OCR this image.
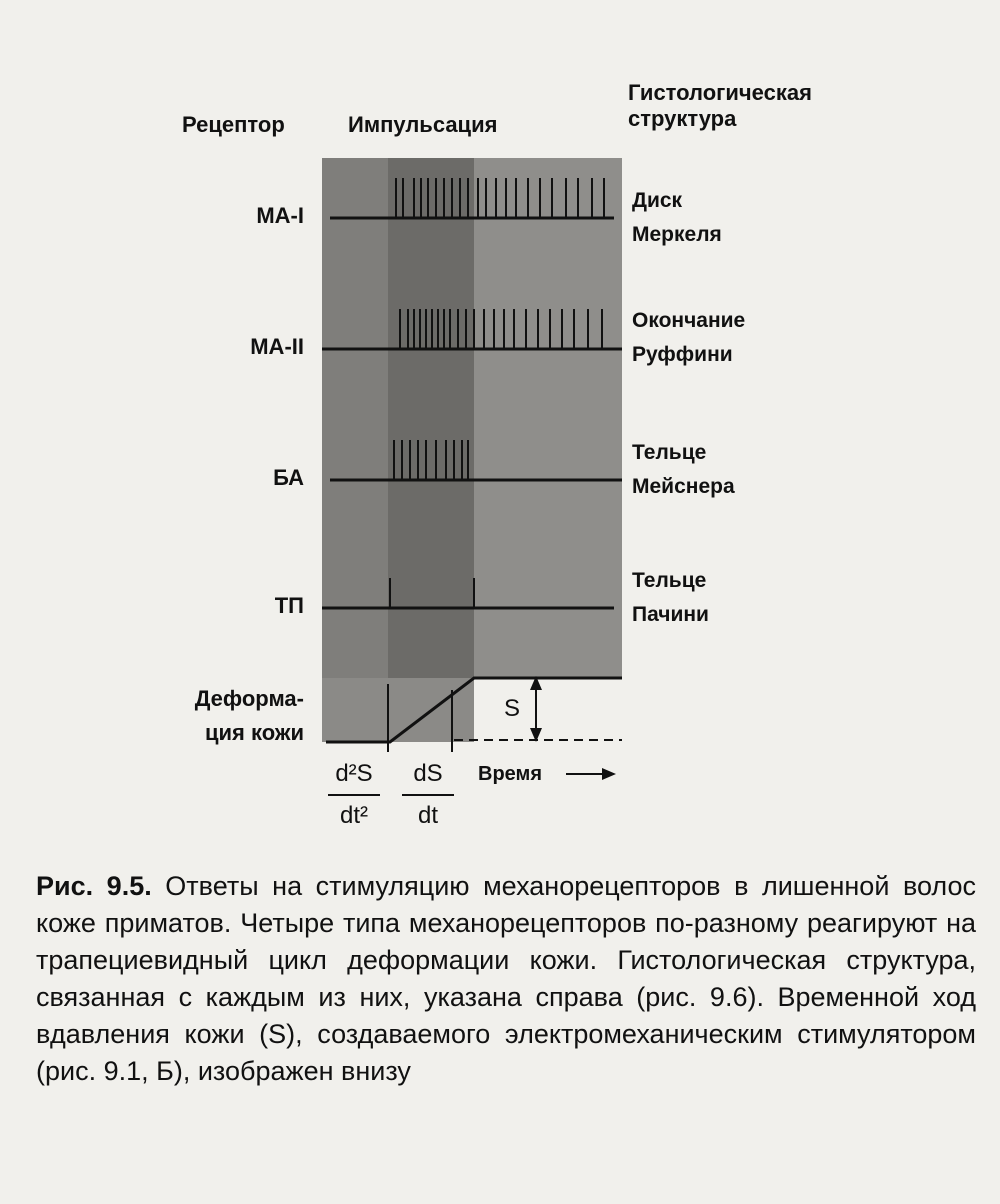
Рецептор	Импульсация
Гистологическая
структура
S
Время
MA-I
MA-II
БА
ТП
Диск
Меркеля
Окончание
Руффини
Тельце
Мейснера
Тельце
Пачини
Деформа-
ция кожи
d²S
dt²
dS
dt
Рис. 9.5. Ответы на стимуляцию механорецепторов в лишенной волос коже приматов. Четыре типа механорецепторов по-разному реагируют на трапециевидный цикл деформации кожи. Гистологическая структура, связанная с каждым из них, указана справа (рис. 9.6). Временной ход вдавления кожи (S), создаваемого электромеханическим стимулятором (рис. 9.1, Б), изображен внизу
